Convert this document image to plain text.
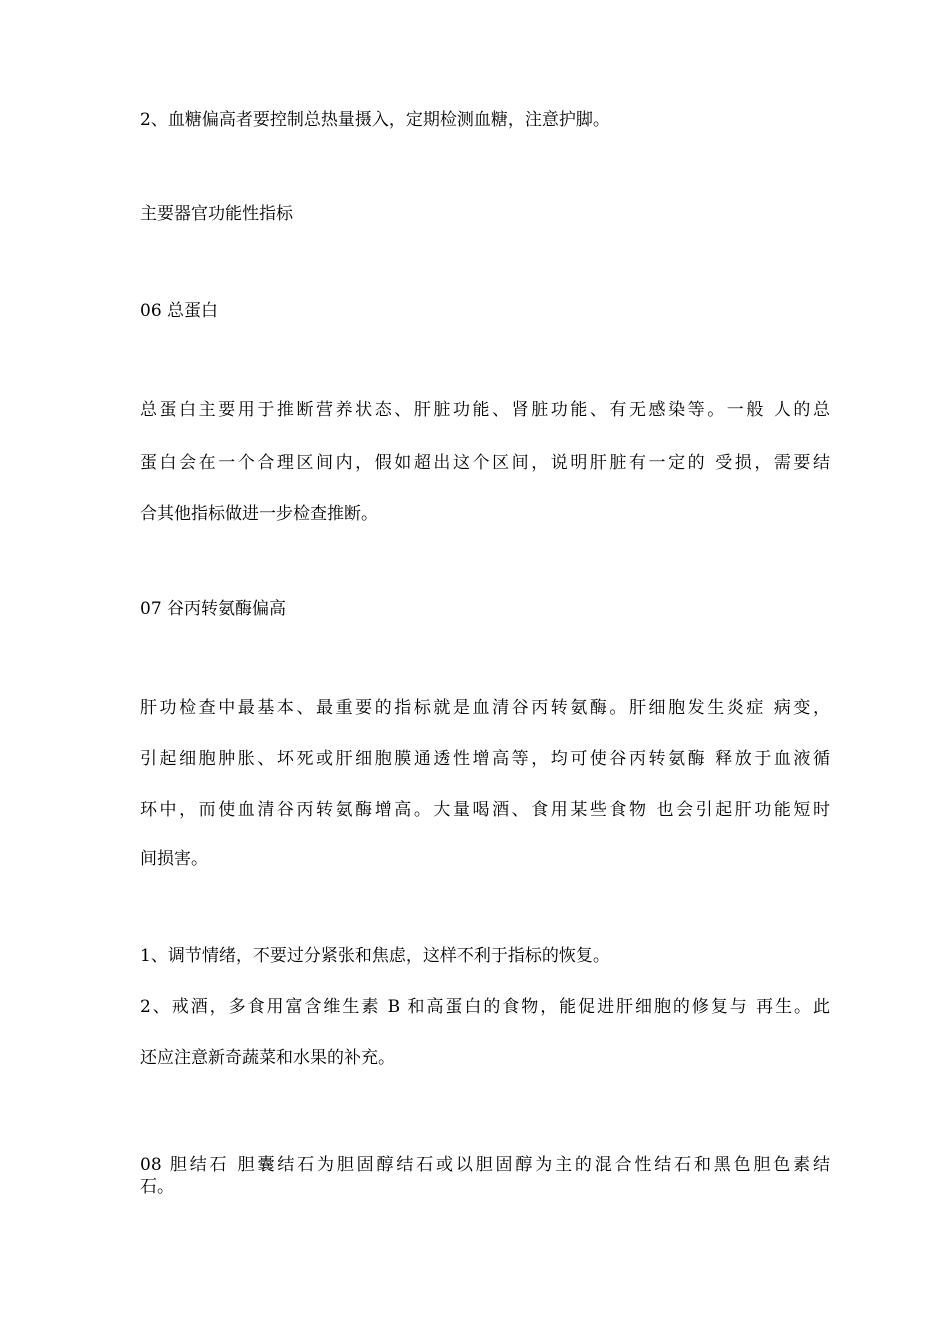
2、血糖偏高者要控制总热量摄入，定期检测血糖，注意护脚。
主要器官功能性指标
06 总蛋白
总蛋白主要用于推断营养状态、肝脏功能、肾脏功能、有无感染等。一般 人的总
蛋白会在一个合理区间内，假如超出这个区间，说明肝脏有一定的 受损，需要结
合其他指标做进一步检查推断。
07 谷丙转氨酶偏高
肝功检查中最基本、最重要的指标就是血清谷丙转氨酶。肝细胞发生炎症 病变，
引起细胞肿胀、坏死或肝细胞膜通透性增高等，均可使谷丙转氨酶 释放于血液循
环中，而使血清谷丙转氨酶增高。大量喝酒、食用某些食物 也会引起肝功能短时
间损害。
1、调节情绪，不要过分紧张和焦虑，这样不利于指标的恢复。
2、戒酒，多食用富含维生素 B 和高蛋白的食物，能促进肝细胞的修复与 再生。此
还应注意新奇蔬菜和水果的补充。
08 胆结石 胆囊结石为胆固醇结石或以胆固醇为主的混合性结石和黑色胆色素结
石。
